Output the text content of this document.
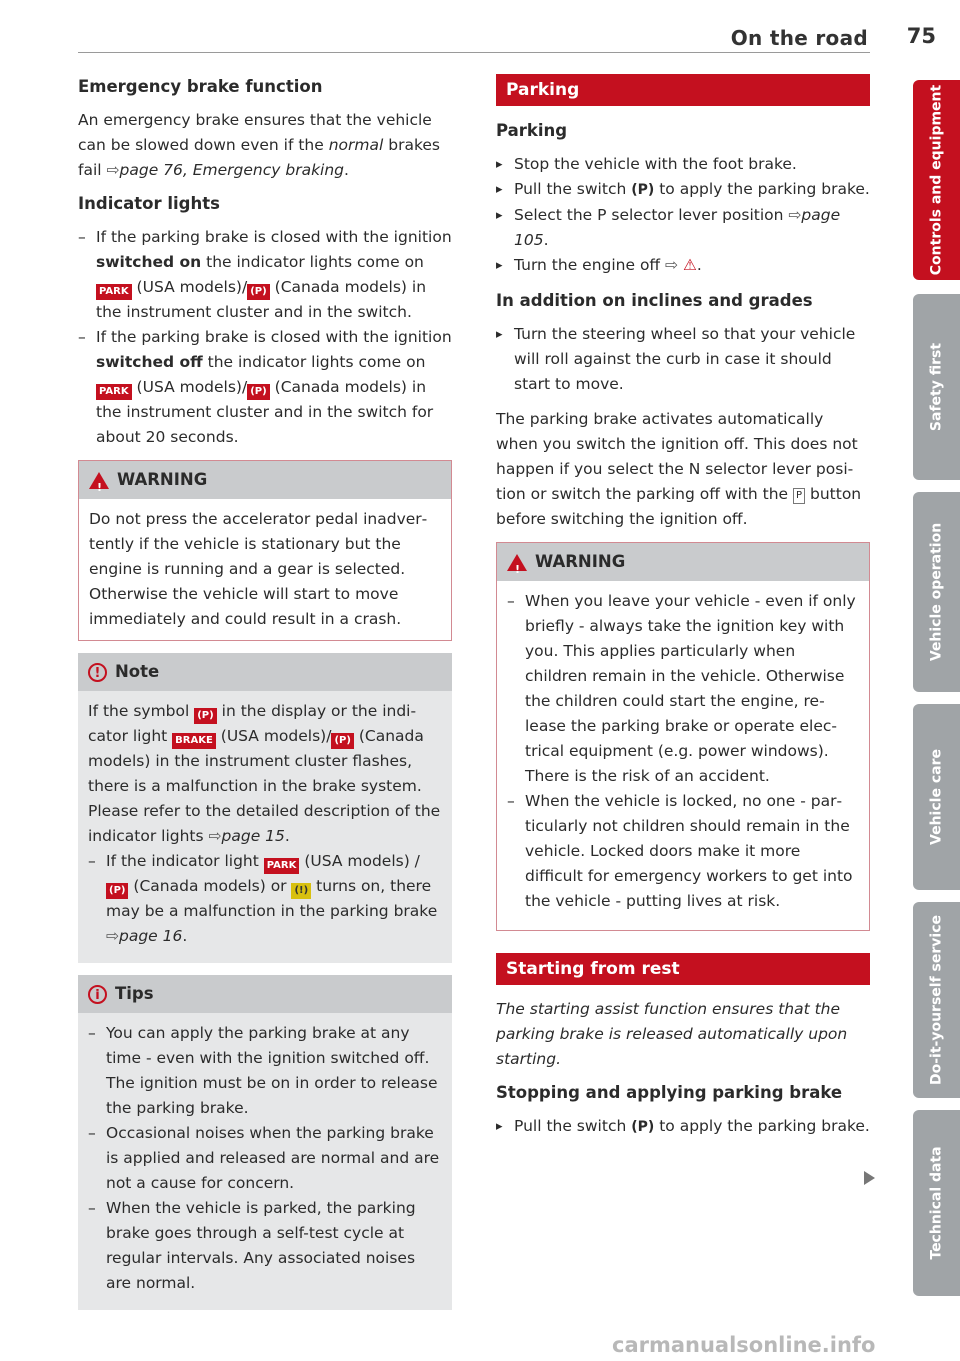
On the road 75
Emergency brake function

An emergency brake ensures that the vehicle can be slowed down even if the normal brakes fail ⇨page 76, Emergency braking.

Indicator lights
– If the parking brake is closed with the ignition switched on the indicator lights come on PARK (USA models)/ (P) (Canada models) in the instrument cluster and in the switch.
– If the parking brake is closed with the ignition switched off the indicator lights come on PARK (USA models)/ (P) (Canada models) in the instrument cluster and in the switch for about 20 seconds.
! WARNING
Do not press the accelerator pedal inadvertently if the vehicle is stationary but the engine is running and a gear is selected. Otherwise the vehicle will start to move immediately and could result in a crash.
! Note
If the symbol (P) in the display or the indicator light BRAKE (USA models)/ (P) (Canada models) in the instrument cluster flashes, there is a malfunction in the brake system. Please refer to the detailed description of the indicator lights ⇨page 15.
– If the indicator light PARK (USA models) / (P) (Canada models) or (!) turns on, there may be a malfunction in the parking brake ⇨page 16.
i Tips
– You can apply the parking brake at any time - even with the ignition switched off. The ignition must be on in order to release the parking brake.
– Occasional noises when the parking brake is applied and released are normal and are not a cause for concern.
– When the vehicle is parked, the parking brake goes through a self-test cycle at regular intervals. Any associated noises are normal.
Parking
Parking
▸ Stop the vehicle with the foot brake.
▸ Pull the switch (P) to apply the parking brake.
▸ Select the P selector lever position ⇨page 105.
▸ Turn the engine off ⇨ ⚠.
In addition on inclines and grades
▸ Turn the steering wheel so that your vehicle will roll against the curb in case it should start to move.

The parking brake activates automatically when you switch the ignition off. This does not happen if you select the N selector lever position or switch the parking off with the P button before switching the ignition off.

! WARNING
– When you leave your vehicle - even if only briefly - always take the ignition key with you. This applies particularly when children remain in the vehicle. Otherwise the children could start the engine, release the parking brake or operate electrical equipment (e.g. power windows). There is the risk of an accident.
– When the vehicle is locked, no one - particularly not children should remain in the vehicle. Locked doors make it more difficult for emergency workers to get into the vehicle - putting lives at risk.
Starting from rest

The starting assist function ensures that the parking brake is released automatically upon starting.

Stopping and applying parking brake
▸ Pull the switch (P) to apply the parking brake.
Controls and equipment
Safety first
Vehicle operation
Vehicle care
Do-it-yourself service
Technical data
carmanualsonline.info
